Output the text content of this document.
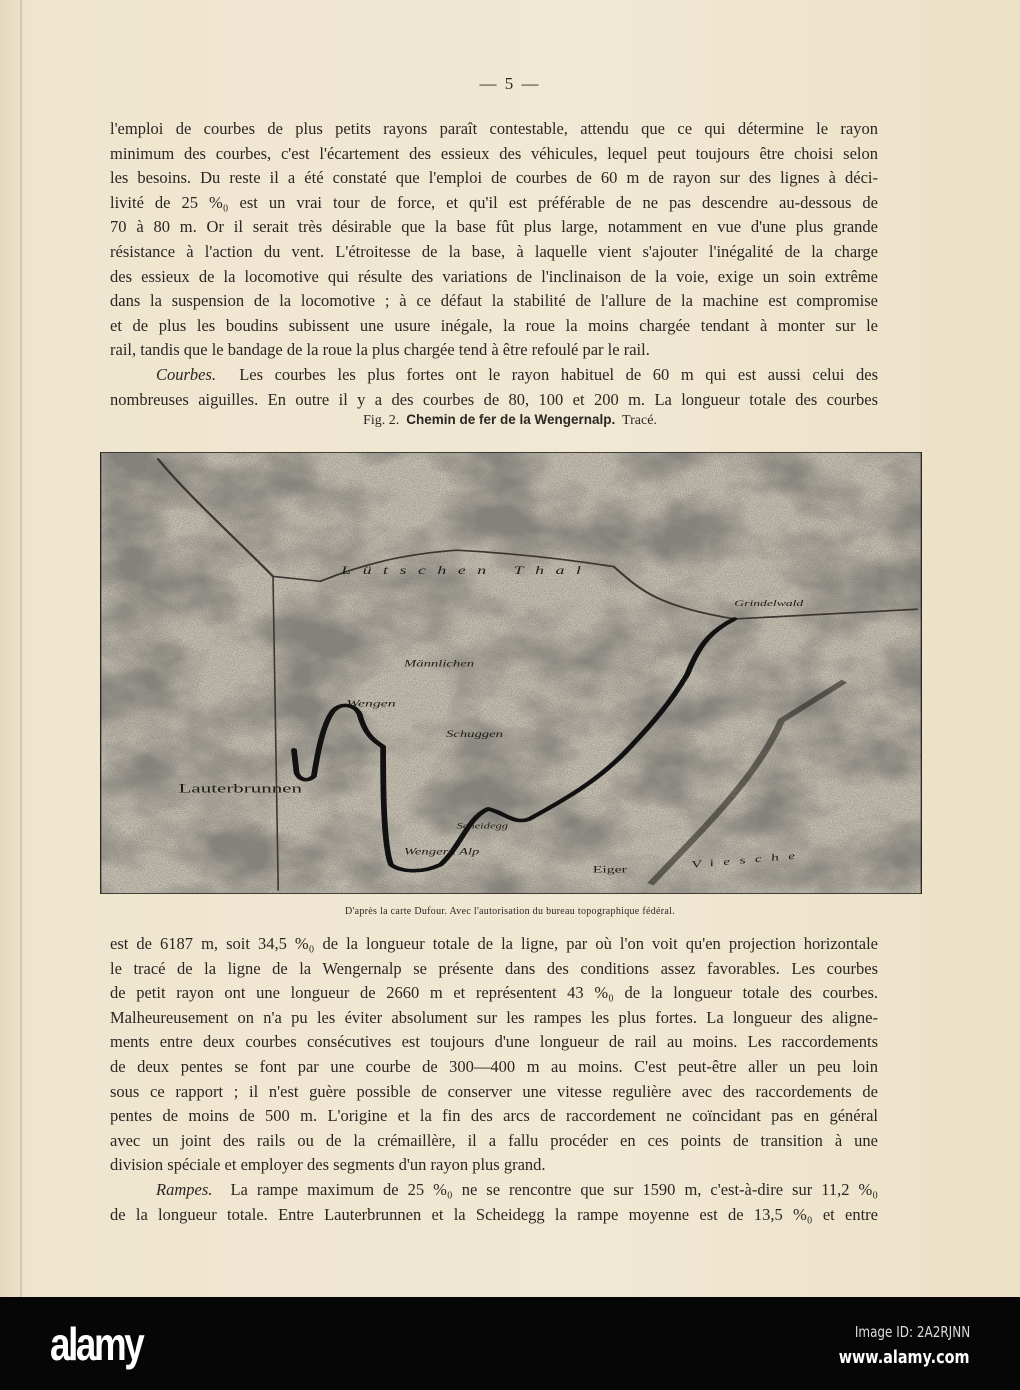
— 5 —
l'emploi de courbes de plus petits rayons paraît contestable, attendu que ce qui détermine le rayon
minimum des courbes, c'est l'écartement des essieux des véhicules, lequel peut toujours être choisi selon
les besoins. Du reste il a été constaté que l'emploi de courbes de 60 m de rayon sur des lignes à déci-
livité de 25 %₀ est un vrai tour de force, et qu'il est préférable de ne pas descendre au-dessous de
70 à 80 m. Or il serait très désirable que la base fût plus large, notamment en vue d'une plus grande
résistance à l'action du vent. L'étroitesse de la base, à laquelle vient s'ajouter l'inégalité de la charge
des essieux de la locomotive qui résulte des variations de l'inclinaison de la voie, exige un soin extrême
dans la suspension de la locomotive ; à ce défaut la stabilité de l'allure de la machine est compromise
et de plus les boudins subissent une usure inégale, la roue la moins chargée tendant à monter sur le
rail, tandis que le bandage de la roue la plus chargée tend à être refoulé par le rail.
Courbes. Les courbes les plus fortes ont le rayon habituel de 60 m qui est aussi celui des
nombreuses aiguilles. En outre il y a des courbes de 80, 100 et 200 m. La longueur totale des courbes
Fig. 2. Chemin de fer de la Wengernalp. Tracé.
Lauterbrunnen
Wengen
Männlichen
Schuggen
Wengern Alp
Scheidegg
Grindelwald
Eiger
Lütschen Thal
Viesche
D'après la carte Dufour. Avec l'autorisation du bureau topographique fédéral.
est de 6187 m, soit 34,5 %₀ de la longueur totale de la ligne, par où l'on voit qu'en projection horizontale
le tracé de la ligne de la Wengernalp se présente dans des conditions assez favorables. Les courbes
de petit rayon ont une longueur de 2660 m et représentent 43 %₀ de la longueur totale des courbes.
Malheureusement on n'a pu les éviter absolument sur les rampes les plus fortes. La longueur des aligne-
ments entre deux courbes consécutives est toujours d'une longueur de rail au moins. Les raccordements
de deux pentes se font par une courbe de 300—400 m au moins. C'est peut-être aller un peu loin
sous ce rapport ; il n'est guère possible de conserver une vitesse regulière avec des raccordements de
pentes de moins de 500 m. L'origine et la fin des arcs de raccordement ne coïncidant pas en général
avec un joint des rails ou de la crémaillère, il a fallu procéder en ces points de transition à une
division spéciale et employer des segments d'un rayon plus grand.
Rampes. La rampe maximum de 25 %₀ ne se rencontre que sur 1590 m, c'est-à-dire sur 11,2 %₀
de la longueur totale. Entre Lauterbrunnen et la Scheidegg la rampe moyenne est de 13,5 %₀ et entre
alamy	Image ID: 2A2RJNN
www.alamy.com
